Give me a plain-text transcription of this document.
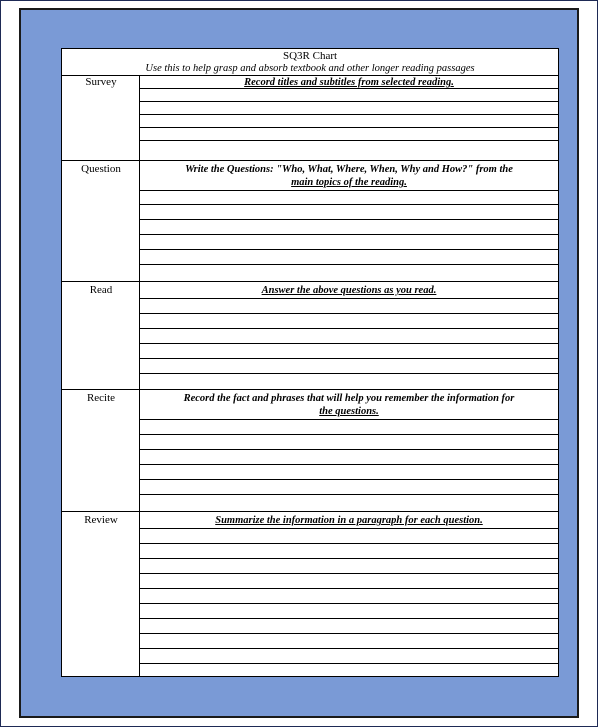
SQ3R Chart
Use this to help grasp and absorb textbook and other longer reading passages
Survey	Record titles and subtitles from selected reading.
Question	Write the Questions: "Who, What, Where, When, Why and How?" from the
main topics of the reading.
Read	Answer the above questions as you read.
Recite	Record the fact and phrases that will help you remember the information for
the questions.
Review	Summarize the information in a paragraph for each question.
